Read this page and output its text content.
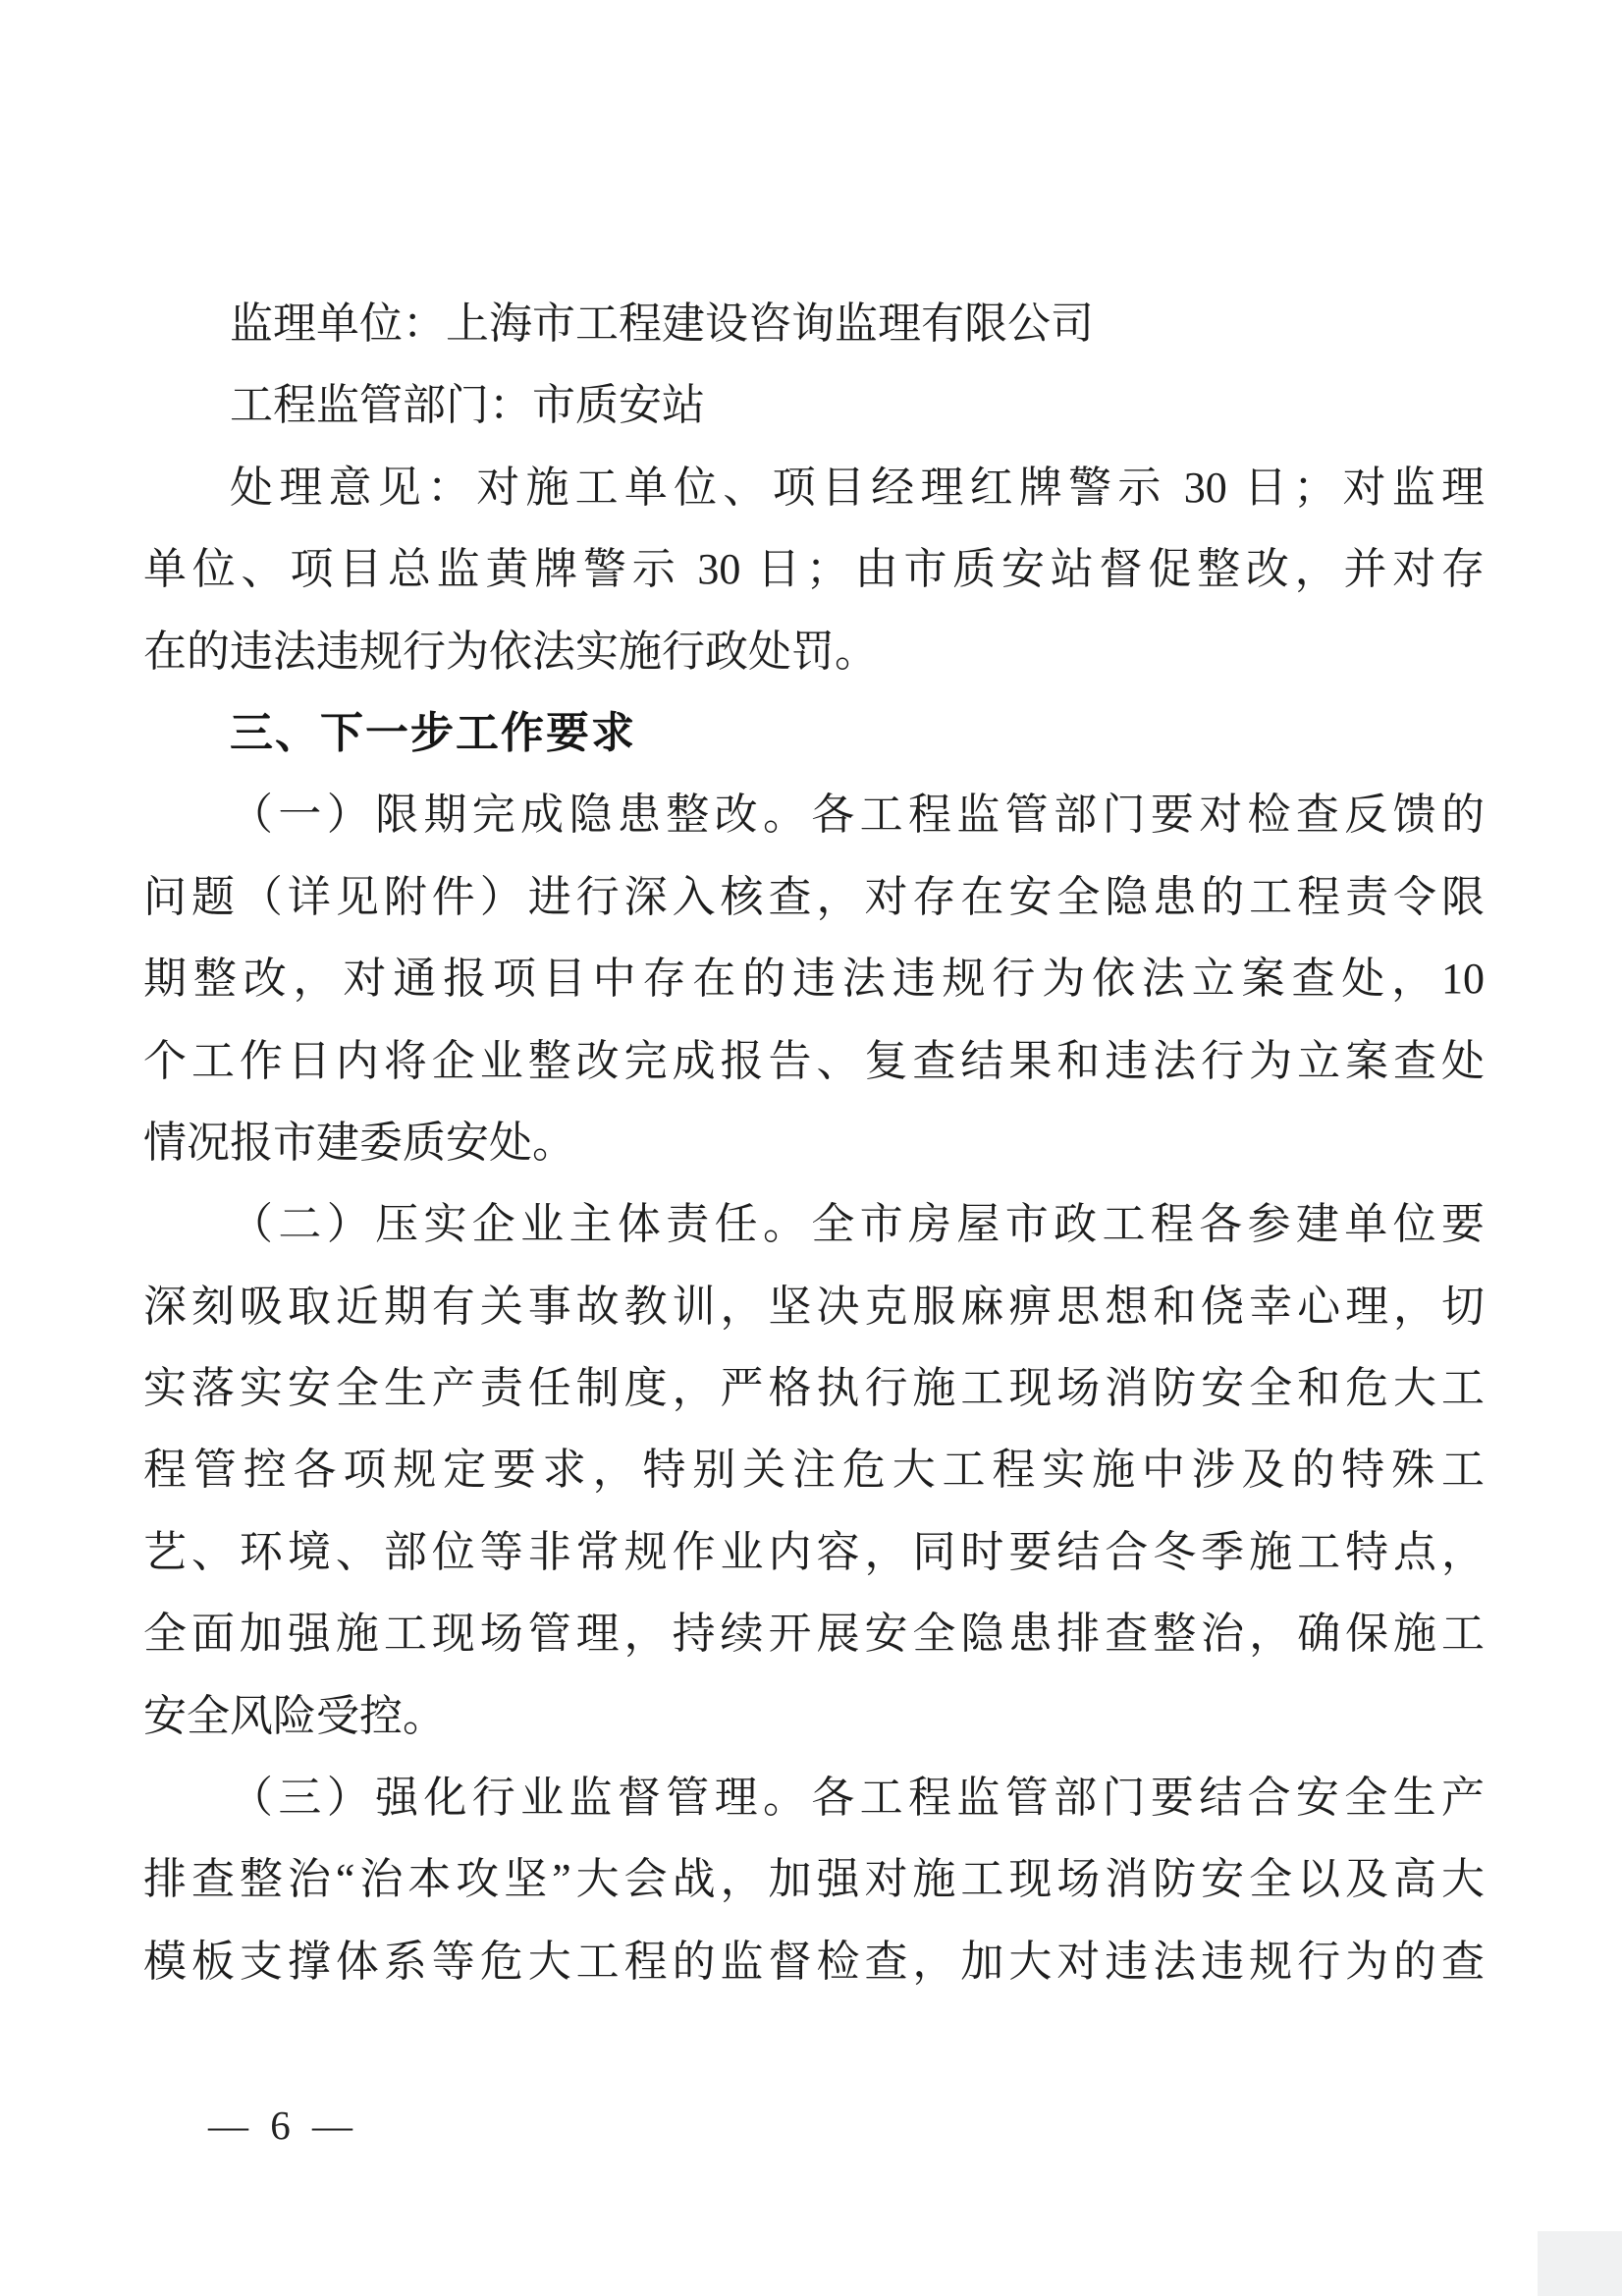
监理单位：上海市工程建设咨询监理有限公司
工程监管部门：市质安站
处理意见：对施工单位、项目经理红牌警示 30 日；对监理
单位、项目总监黄牌警示 30 日；由市质安站督促整改，并对存
在的违法违规行为依法实施行政处罚。
三、下一步工作要求
（一）限期完成隐患整改。各工程监管部门要对检查反馈的
问题（详见附件）进行深入核查，对存在安全隐患的工程责令限
期整改，对通报项目中存在的违法违规行为依法立案查处，10
个工作日内将企业整改完成报告、复查结果和违法行为立案查处
情况报市建委质安处。
（二）压实企业主体责任。全市房屋市政工程各参建单位要
深刻吸取近期有关事故教训，坚决克服麻痹思想和侥幸心理，切
实落实安全生产责任制度，严格执行施工现场消防安全和危大工
程管控各项规定要求，特别关注危大工程实施中涉及的特殊工
艺、环境、部位等非常规作业内容，同时要结合冬季施工特点，
全面加强施工现场管理，持续开展安全隐患排查整治，确保施工
安全风险受控。
（三）强化行业监督管理。各工程监管部门要结合安全生产
排查整治“治本攻坚”大会战，加强对施工现场消防安全以及高大
模板支撑体系等危大工程的监督检查，加大对违法违规行为的查
— 6 —
